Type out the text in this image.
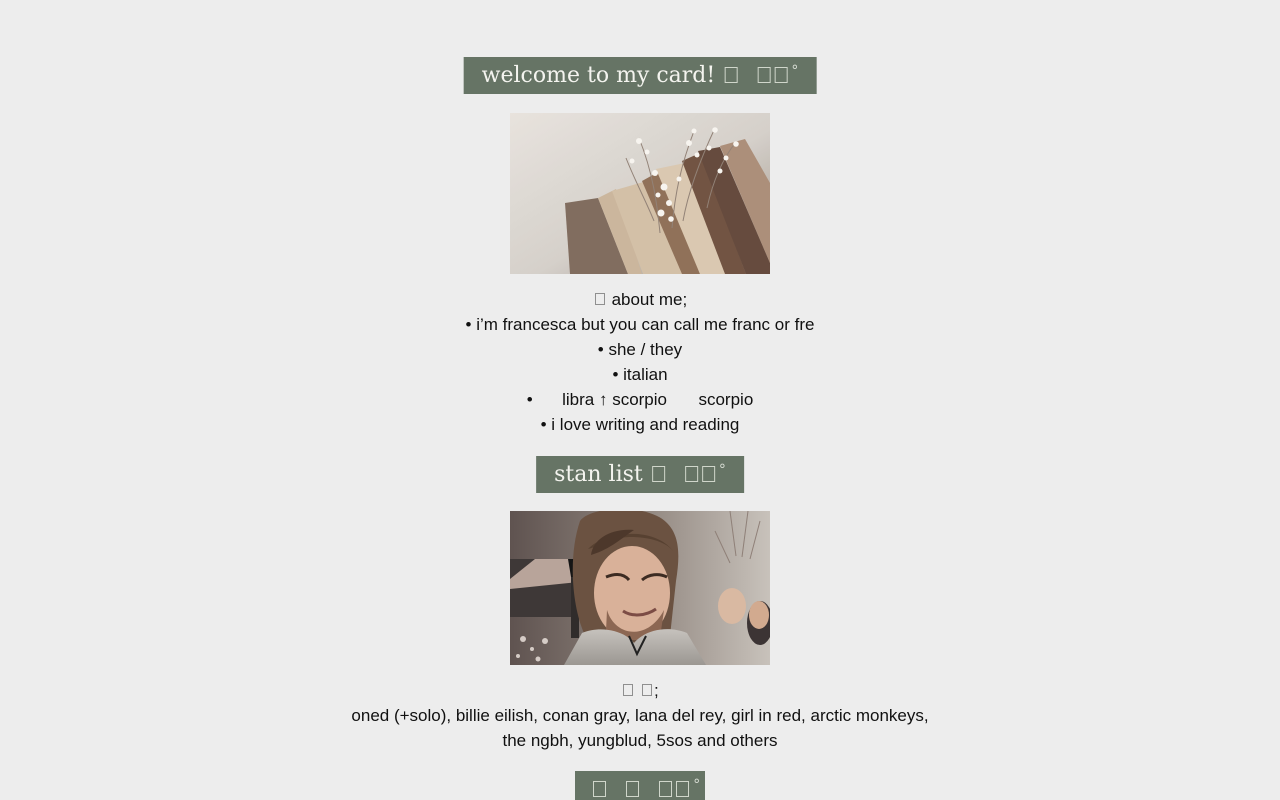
welcome to my card!	°
about me;
• i’m francesca but you can call me franc or fre
• she / they
• italian
• libra ↑ scorpio scorpio
• i love writing and reading
stan list	°
;
oned (+solo), billie eilish, conan gray, lana del rey, girl in red, arctic monkeys,
the ngbh, yungblud, 5sos and others
°
